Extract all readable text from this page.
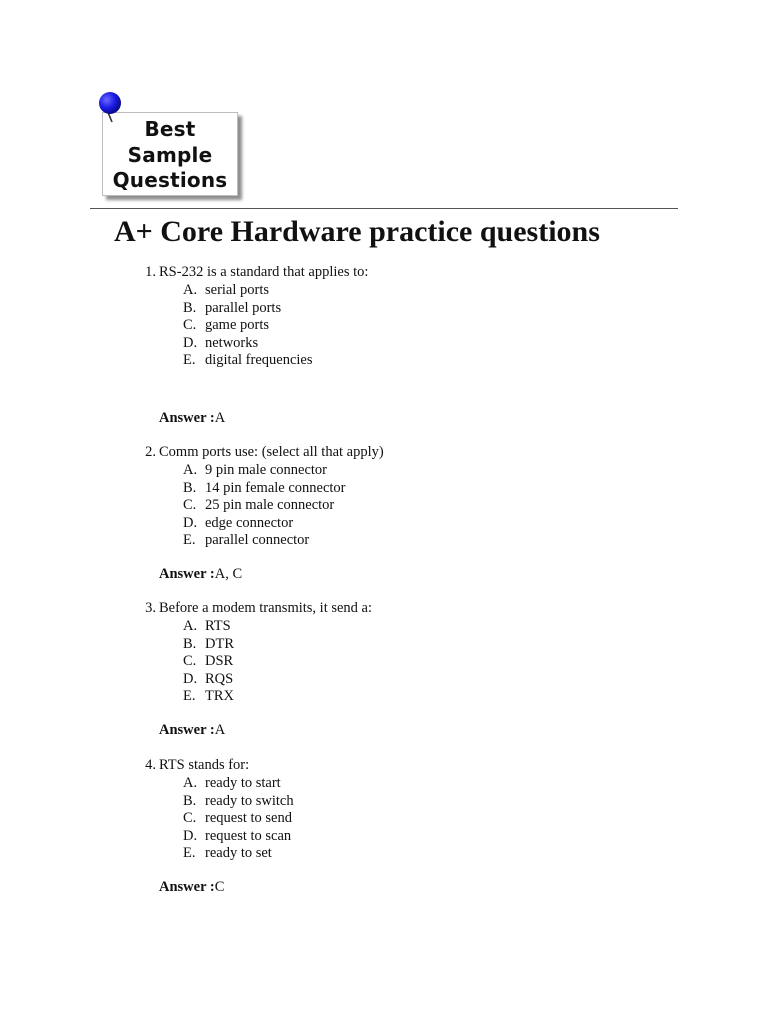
Best
Sample
Questions
A+ Core Hardware practice questions
1. RS-232 is a standard that applies to:
A. serial ports
B. parallel ports
C. game ports
D. networks
E. digital frequencies
Answer :A
2. Comm ports use: (select all that apply)
A. 9 pin male connector
B. 14 pin female connector
C. 25 pin male connector
D. edge connector
E. parallel connector
Answer :A, C
3. Before a modem transmits, it send a:
A. RTS
B. DTR
C. DSR
D. RQS
E. TRX
Answer :A
4. RTS stands for:
A. ready to start
B. ready to switch
C. request to send
D. request to scan
E. ready to set
Answer :C
